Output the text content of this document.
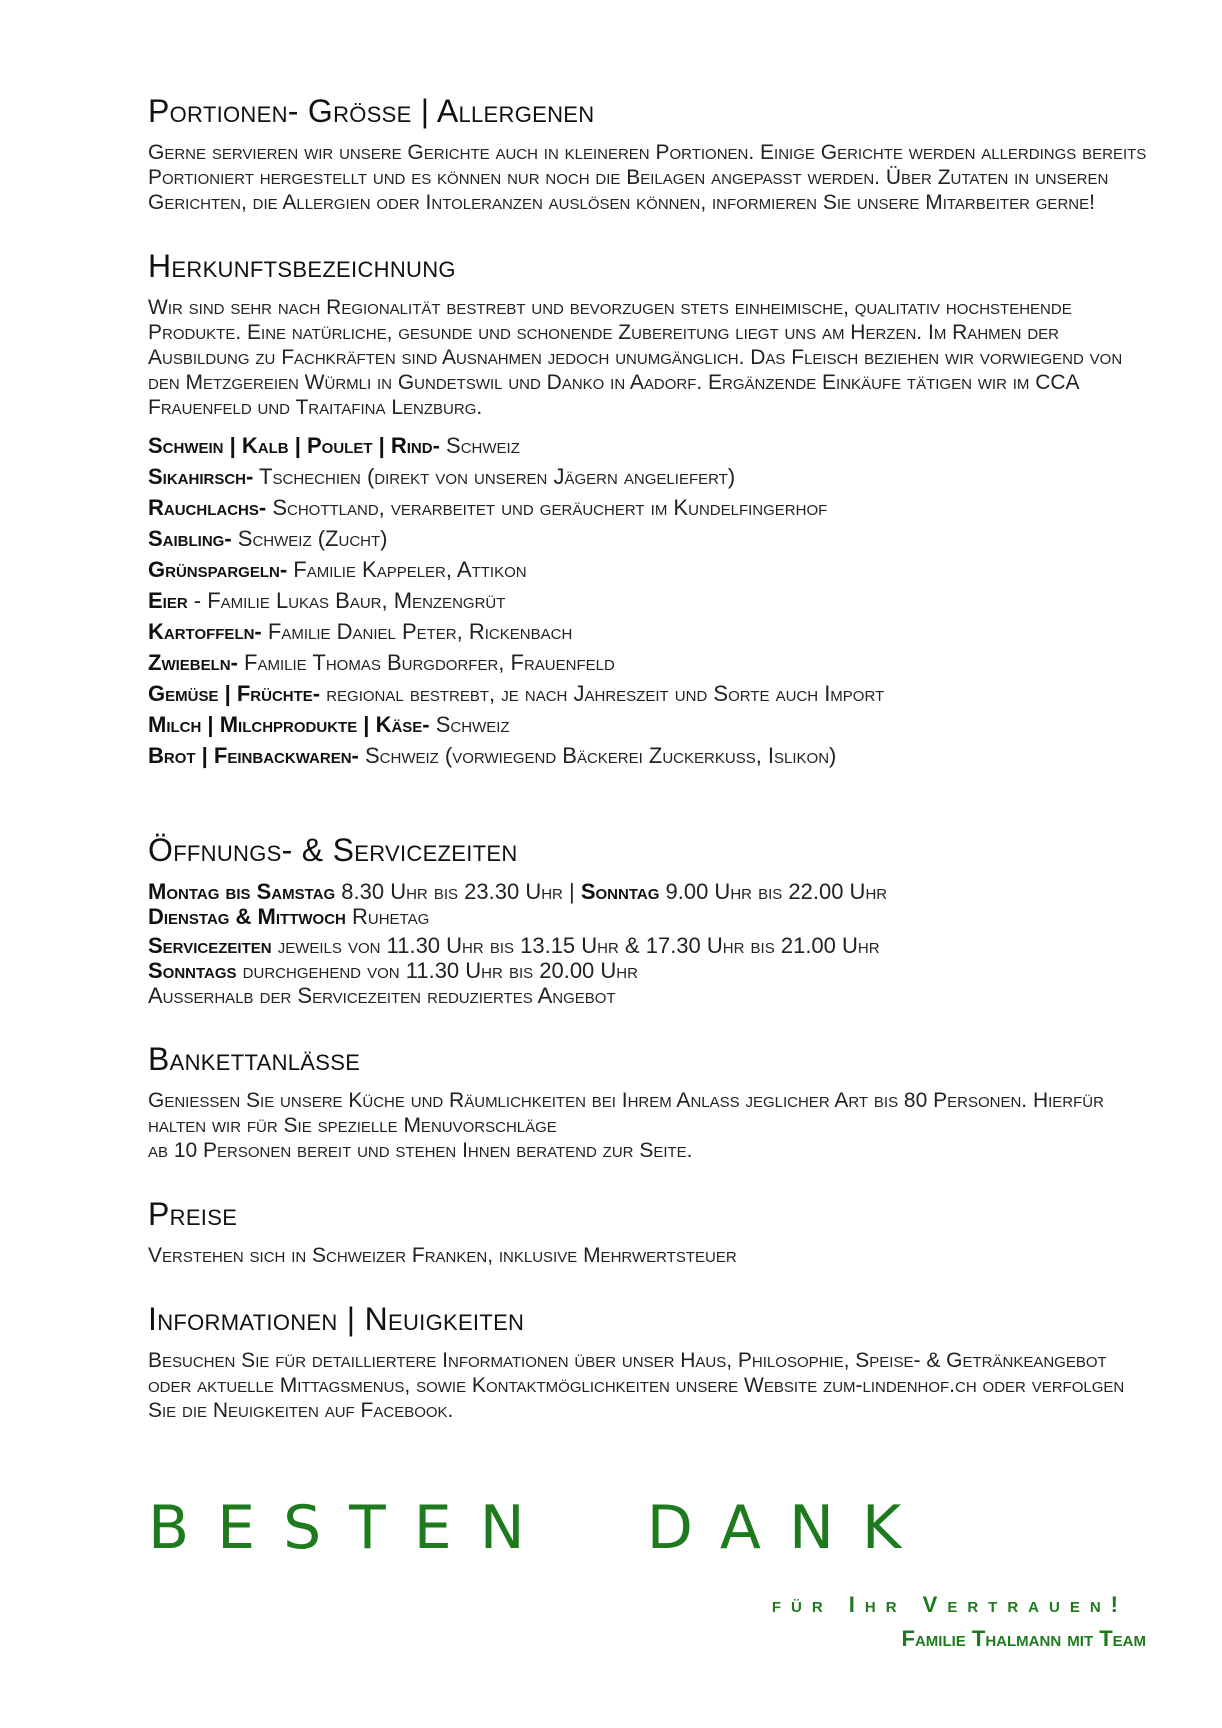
Portionen- Grösse | Allergenen

Gerne servieren wir unsere Gerichte auch in kleineren Portionen. Einige Gerichte werden allerdings bereits Portioniert hergestellt und es können nur noch die Beilagen angepasst werden. Über Zutaten in unseren Gerichten, die Allergien oder Intoleranzen auslösen können, informieren Sie unsere Mitarbeiter gerne!

Herkunftsbezeichnung

Wir sind sehr nach Regionalität bestrebt und bevorzugen stets einheimische, qualitativ hochstehende Produkte. Eine natürliche, gesunde und schonende Zubereitung liegt uns am Herzen. Im Rahmen der Ausbildung zu Fachkräften sind Ausnahmen jedoch unumgänglich. Das Fleisch beziehen wir vorwiegend von den Metzgereien Würmli in Gundetswil und Danko in Aadorf. Ergänzende Einkäufe tätigen wir im CCA Frauenfeld und Traitafina Lenzburg.

Schwein | Kalb | Poulet | Rind- Schweiz
Sikahirsch- Tschechien (direkt von unseren Jägern angeliefert)
Rauchlachs- Schottland, verarbeitet und geräuchert im Kundelfingerhof
Saibling- Schweiz (Zucht)
Grünspargeln- Familie Kappeler, Attikon
Eier - Familie Lukas Baur, Menzengrüt
Kartoffeln- Familie Daniel Peter, Rickenbach
Zwiebeln- Familie Thomas Burgdorfer, Frauenfeld
Gemüse | Früchte- regional bestrebt, je nach Jahreszeit und Sorte auch Import
Milch | Milchprodukte | Käse- Schweiz
Brot | Feinbackwaren- Schweiz (vorwiegend Bäckerei Zuckerkuss, Islikon)
Öffnungs- & Servicezeiten
Montag bis Samstag 8.30 Uhr bis 23.30 Uhr | Sonntag 9.00 Uhr bis 22.00 Uhr
Dienstag & Mittwoch Ruhetag
Servicezeiten jeweils von 11.30 Uhr bis 13.15 Uhr & 17.30 Uhr bis 21.00 Uhr
Sonntags durchgehend von 11.30 Uhr bis 20.00 Uhr
Ausserhalb der Servicezeiten reduziertes Angebot
Bankettanlässe

Geniessen Sie unsere Küche und Räumlichkeiten bei Ihrem Anlass jeglicher Art bis 80 Personen. Hierfür halten wir für Sie spezielle Menuvorschläge

ab 10 Personen bereit und stehen Ihnen beratend zur Seite.

Preise

Verstehen sich in Schweizer Franken, inklusive Mehrwertsteuer

Informationen | Neuigkeiten

Besuchen Sie für detailliertere Informationen über unser Haus, Philosophie, Speise- & Getränkeangebot oder aktuelle Mittagsmenus, sowie Kontaktmöglichkeiten unsere Website zum-lindenhof.ch oder verfolgen Sie die Neuigkeiten auf Facebook.

BESTEN  DANK
für Ihr Vertrauen!
Familie Thalmann mit Team
